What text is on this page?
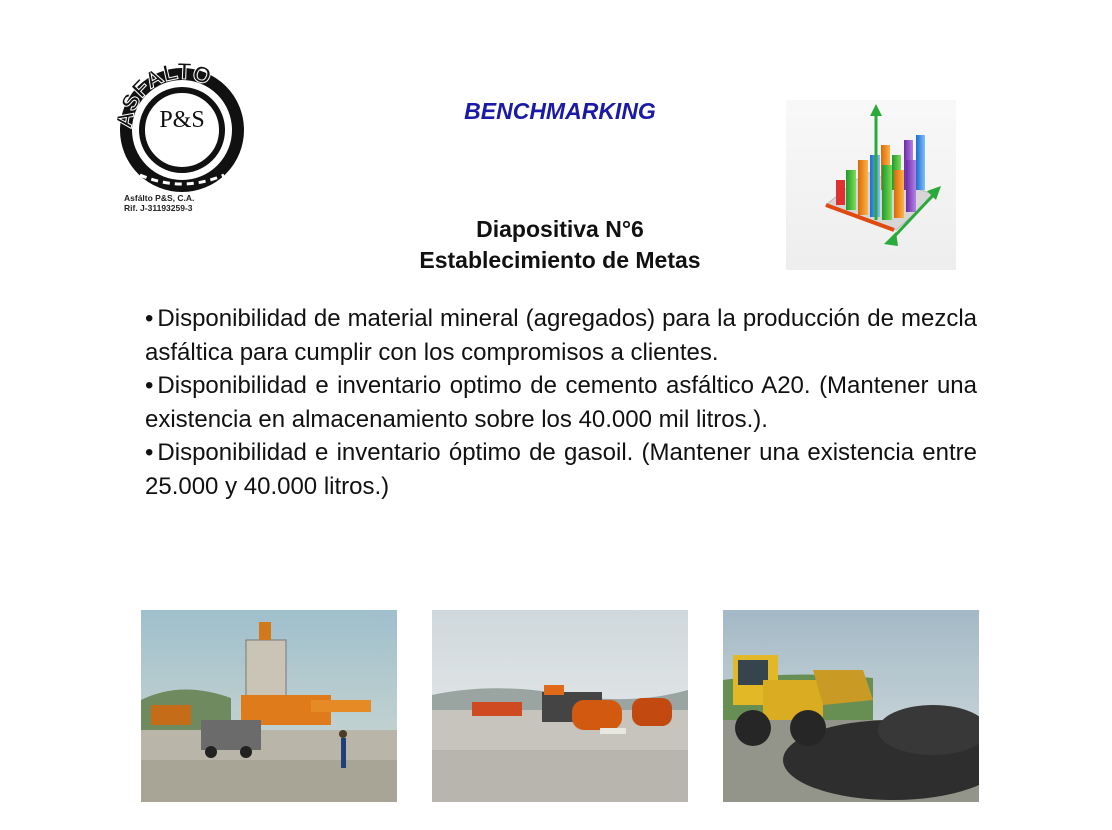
ASFALTO
P&S
Asfálto P&S, C.A.
Rif. J-31193259-3
BENCHMARKING
Diapositiva N°6
Establecimiento de Metas

• Disponibilidad de material mineral (agregados) para la producción de mezcla asfáltica para cumplir con los compromisos a clientes.

• Disponibilidad e inventario optimo de cemento asfáltico A20. (Mantener una existencia en almacenamiento sobre los 40.000 mil litros.).

• Disponibilidad e inventario óptimo de gasoil. (Mantener una existencia entre 25.000 y 40.000 litros.)
